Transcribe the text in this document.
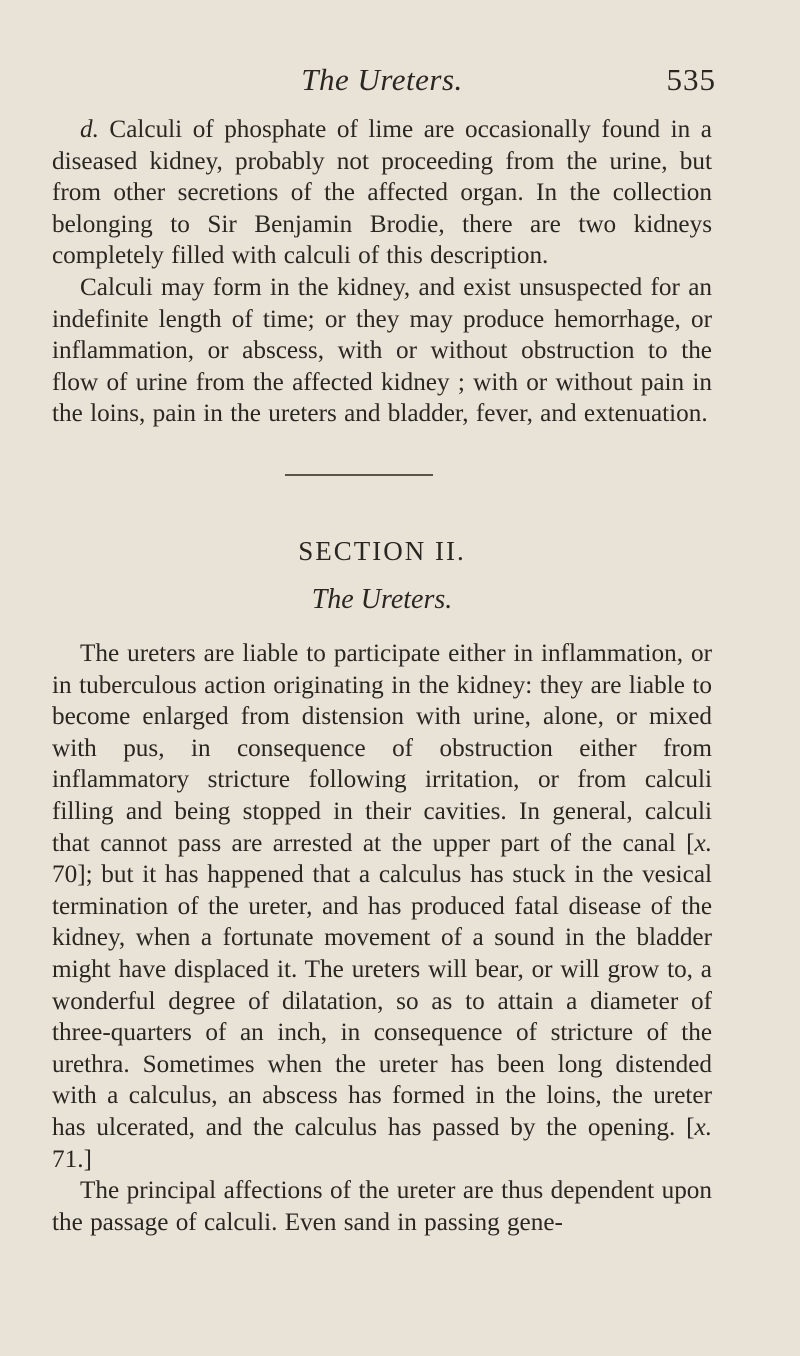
The Ureters.	535

d. Calculi of phosphate of lime are occasionally found in a diseased kidney, probably not proceeding from the urine, but from other secretions of the affected organ. In the collection belonging to Sir Benjamin Brodie, there are two kidneys completely filled with calculi of this description.

Calculi may form in the kidney, and exist unsuspected for an indefinite length of time; or they may produce hemorrhage, or inflammation, or abscess, with or without obstruction to the flow of urine from the affected kidney ; with or without pain in the loins, pain in the ureters and bladder, fever, and extenuation.

SECTION II.
The Ureters.

The ureters are liable to participate either in inflammation, or in tuberculous action originating in the kidney: they are liable to become enlarged from distension with urine, alone, or mixed with pus, in consequence of obstruction either from inflammatory stricture following irritation, or from calculi filling and being stopped in their cavities. In general, calculi that cannot pass are arrested at the upper part of the canal [x. 70]; but it has happened that a calculus has stuck in the vesical termination of the ureter, and has produced fatal disease of the kidney, when a fortunate movement of a sound in the bladder might have displaced it. The ureters will bear, or will grow to, a wonderful degree of dilatation, so as to attain a diameter of three-quarters of an inch, in consequence of stricture of the urethra. Sometimes when the ureter has been long distended with a calculus, an abscess has formed in the loins, the ureter has ulcerated, and the calculus has passed by the opening. [x. 71.]

The principal affections of the ureter are thus dependent upon the passage of calculi. Even sand in passing gene-
